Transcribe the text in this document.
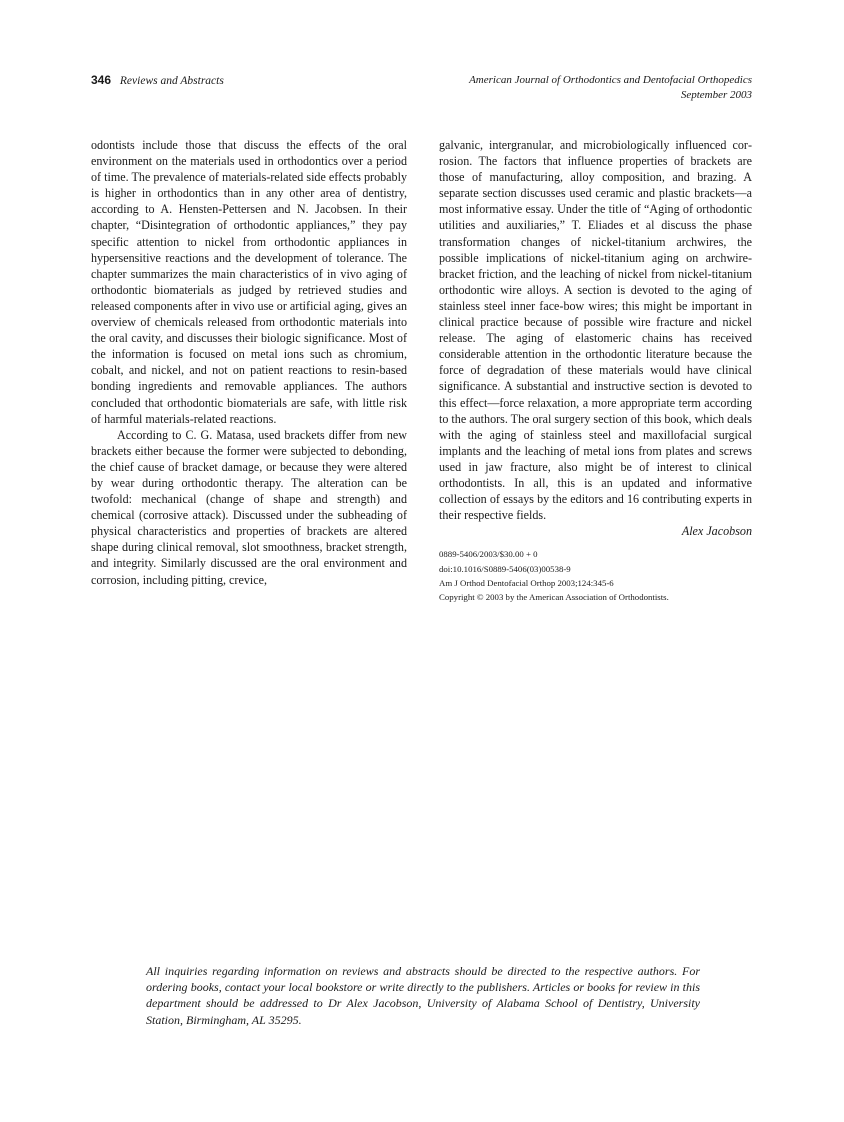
346 Reviews and Abstracts	American Journal of Orthodontics and Dentofacial Orthopedics
September 2003

odontists include those that discuss the effects of the oral environment on the materials used in orthodontics over a period of time. The prevalence of materials-related side effects probably is higher in orthodontics than in any other area of dentistry, according to A. Hensten-Pettersen and N. Jacobsen. In their chapter, “Disintegration of orthodontic appliances,” they pay specific attention to nickel from orthodontic appliances in hypersensitive reactions and the development of tolerance. The chapter summarizes the main characteristics of in vivo aging of orthodontic biomaterials as judged by retrieved studies and released components after in vivo use or artificial aging, gives an overview of chemicals released from orthodontic materials into the oral cavity, and discusses their biologic significance. Most of the information is focused on metal ions such as chromium, cobalt, and nickel, and not on patient reactions to resin-based bonding ingredients and removable appliances. The authors concluded that orthodontic biomaterials are safe, with little risk of harmful materials-related reactions.

According to C. G. Matasa, used brackets differ from new brackets either because the former were subjected to debonding, the chief cause of bracket damage, or because they were altered by wear during orthodontic therapy. The alteration can be twofold: mechanical (change of shape and strength) and chemical (corrosive attack). Discussed under the subheading of physical characteristics and properties of brackets are altered shape during clinical removal, slot smoothness, bracket strength, and integrity. Similarly discussed are the oral environment and corrosion, including pitting, crevice,

galvanic, intergranular, and microbiologically influenced corrosion. The factors that influence properties of brackets are those of manufacturing, alloy composition, and brazing. A separate section discusses used ceramic and plastic brackets—a most informative essay. Under the title of “Aging of orthodontic utilities and auxiliaries,” T. Eliades et al discuss the phase transformation changes of nickel-titanium archwires, the possible implications of nickel-titanium aging on archwire-bracket friction, and the leaching of nickel from nickel-titanium orthodontic wire alloys. A section is devoted to the aging of stainless steel inner face-bow wires; this might be important in clinical practice because of possible wire fracture and nickel release. The aging of elastomeric chains has received considerable attention in the orthodontic literature because the force of degradation of these materials would have clinical significance. A substantial and instructive section is devoted to this effect—force relaxation, a more appropriate term according to the authors. The oral surgery section of this book, which deals with the aging of stainless steel and maxillofacial surgical implants and the leaching of metal ions from plates and screws used in jaw fracture, also might be of interest to clinical orthodontists. In all, this is an updated and informative collection of essays by the editors and 16 contributing experts in their respective fields.

Alex Jacobson
0889-5406/2003/$30.00 + 0
doi:10.1016/S0889-5406(03)00538-9
Am J Orthod Dentofacial Orthop 2003;124:345-6
Copyright © 2003 by the American Association of Orthodontists.
All inquiries regarding information on reviews and abstracts should be directed to the respective authors. For ordering books, contact your local bookstore or write directly to the publishers. Articles or books for review in this department should be addressed to Dr Alex Jacobson, University of Alabama School of Dentistry, University Station, Birmingham, AL 35295.
